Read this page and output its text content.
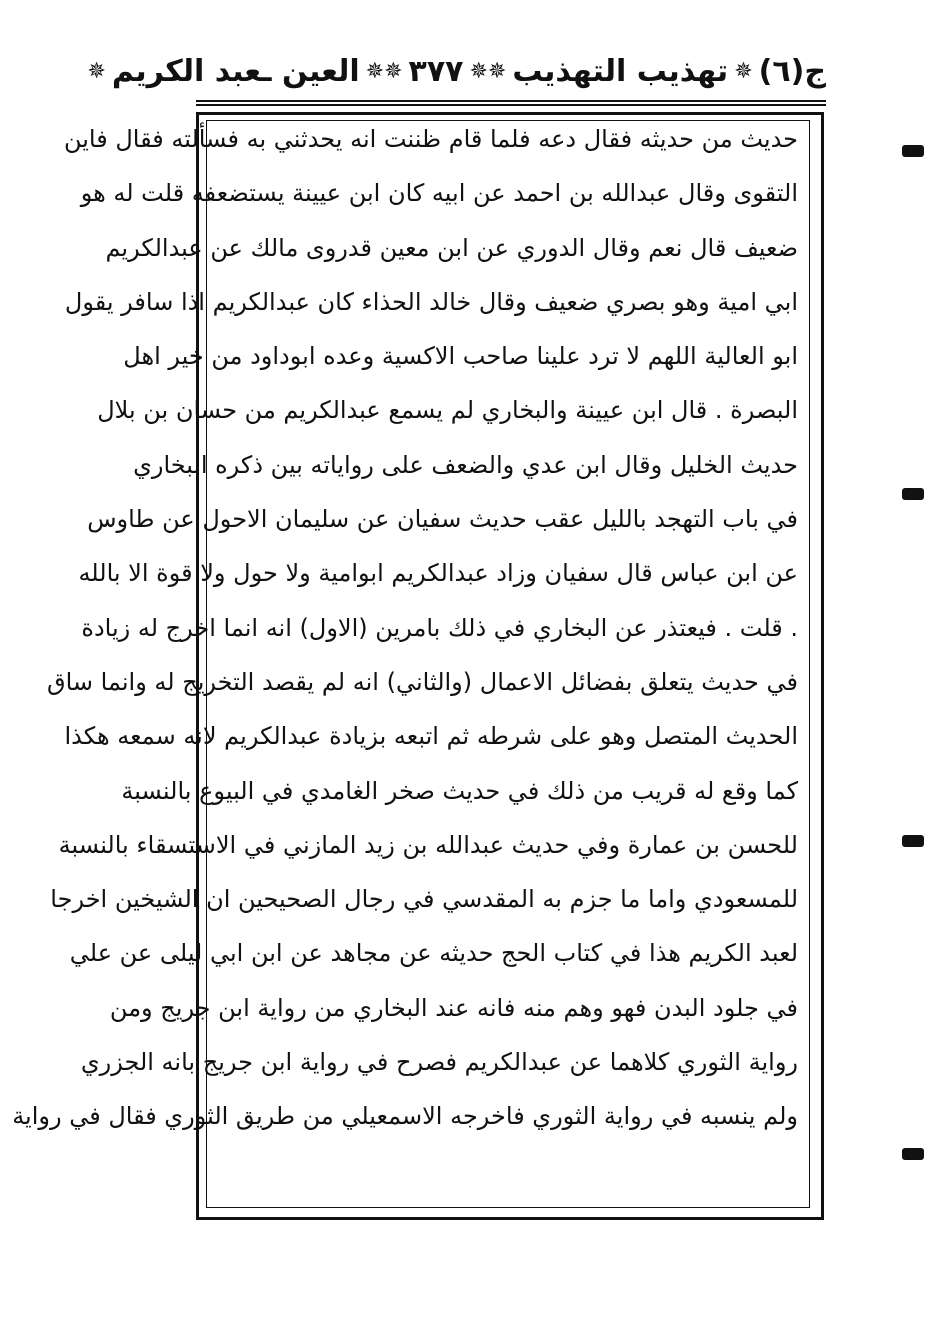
ج(٦)
✵
تهذيب التهذيب
✵
✵
٣٧٧
✵
✵
العين ـعبد الكريم
✵
حديث من حديثه فقال دعه فلما قام ظننت انه يحدثني به فسألته فقال فاين
التقوى وقال عبدالله بن احمد عن ابيه كان ابن عيينة يستضعفه قلت له هو
ضعيف قال نعم وقال الدوري عن ابن معين قدروى مالك عن عبدالكريم
ابي امية وهو بصري ضعيف وقال خالد الحذاء كان عبدالكريم اذا سافر يقول
ابو العالية اللهم لا ترد علينا صاحب الاكسية وعده ابوداود من خير اهل
البصرة . قال ابن عيينة والبخاري لم يسمع عبدالكريم من حسان بن بلال
حديث الخليل وقال ابن عدي والضعف على رواياته بين ذكره البخاري
في باب التهجد بالليل عقب حديث سفيان عن سليمان الاحول عن طاوس
عن ابن عباس قال سفيان وزاد عبدالكريم ابوامية ولا حول ولا قوة الا بالله
. قلت . فيعتذر عن البخاري في ذلك بامرين (الاول) انه انما اخرج له زيادة
في حديث يتعلق بفضائل الاعمال (والثاني) انه لم يقصد التخريج له وانما ساق
الحديث المتصل وهو على شرطه ثم اتبعه بزيادة عبدالكريم لانه سمعه هكذا
كما وقع له قريب من ذلك في حديث صخر الغامدي في البيوع بالنسبة
للحسن بن عمارة وفي حديث عبدالله بن زيد المازني في الاستسقاء بالنسبة
للمسعودي واما ما جزم به المقدسي في رجال الصحيحين ان الشيخين اخرجا
لعبد الكريم هذا في كتاب الحج حديثه عن مجاهد عن ابن ابي ليلى عن علي
في جلود البدن فهو وهم منه فانه عند البخاري من رواية ابن جريج ومن
رواية الثوري كلاهما عن عبدالكريم فصرح في رواية ابن جريج بانه الجزري
ولم ينسبه في رواية الثوري فاخرجه الاسمعيلي من طريق الثوري فقال في رواية
